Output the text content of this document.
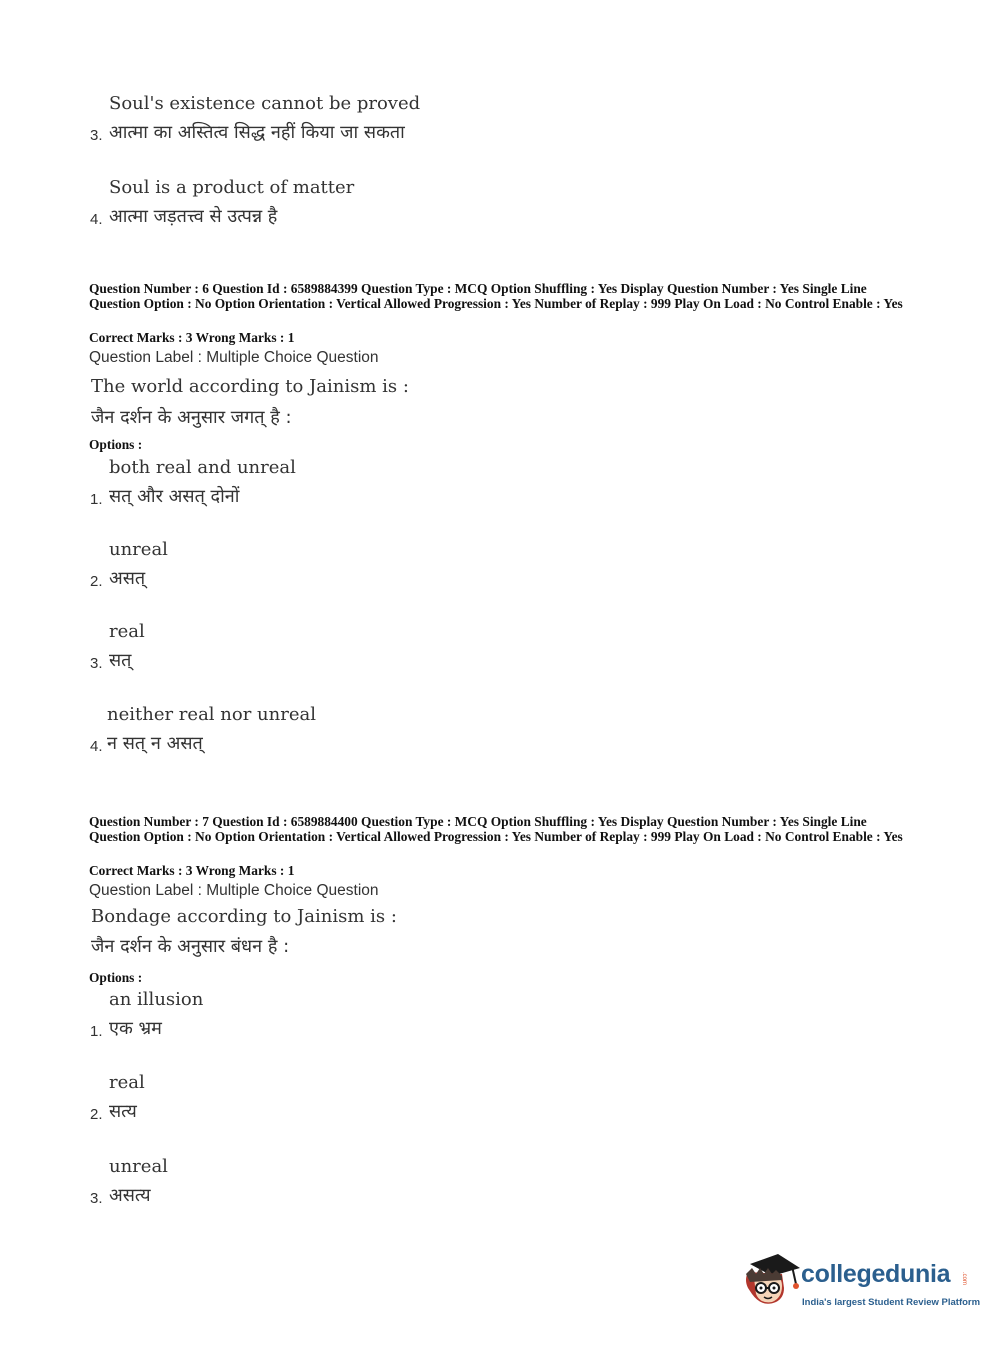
Soul's existence cannot be proved
आत्मा का अस्तित्व सिद्ध नहीं किया जा सकता
3.
Soul is a product of matter
आत्मा जड़तत्त्व से उत्पन्न है
4.
Question Number : 6 Question Id : 6589884399 Question Type : MCQ Option Shuffling : Yes Display Question Number : Yes Single Line Question Option : No Option Orientation : Vertical Allowed Progression : Yes Number of Replay : 999 Play On Load : No Control Enable : Yes
Correct Marks : 3 Wrong Marks : 1
Question Label : Multiple Choice Question
The world according to Jainism is :
जैन दर्शन के अनुसार जगत् है :
Options :
both real and unreal
सत् और असत् दोनों
1.
unreal
असत्
2.
real
सत्
3.
neither real nor unreal
न सत् न असत्
4.
Question Number : 7 Question Id : 6589884400 Question Type : MCQ Option Shuffling : Yes Display Question Number : Yes Single Line Question Option : No Option Orientation : Vertical Allowed Progression : Yes Number of Replay : 999 Play On Load : No Control Enable : Yes
Correct Marks : 3 Wrong Marks : 1
Question Label : Multiple Choice Question
Bondage according to Jainism is :
जैन दर्शन के अनुसार बंधन है :
Options :
an illusion
एक भ्रम
1.
real
सत्य
2.
unreal
असत्य
3.
collegedunia .com
India's largest Student Review Platform
